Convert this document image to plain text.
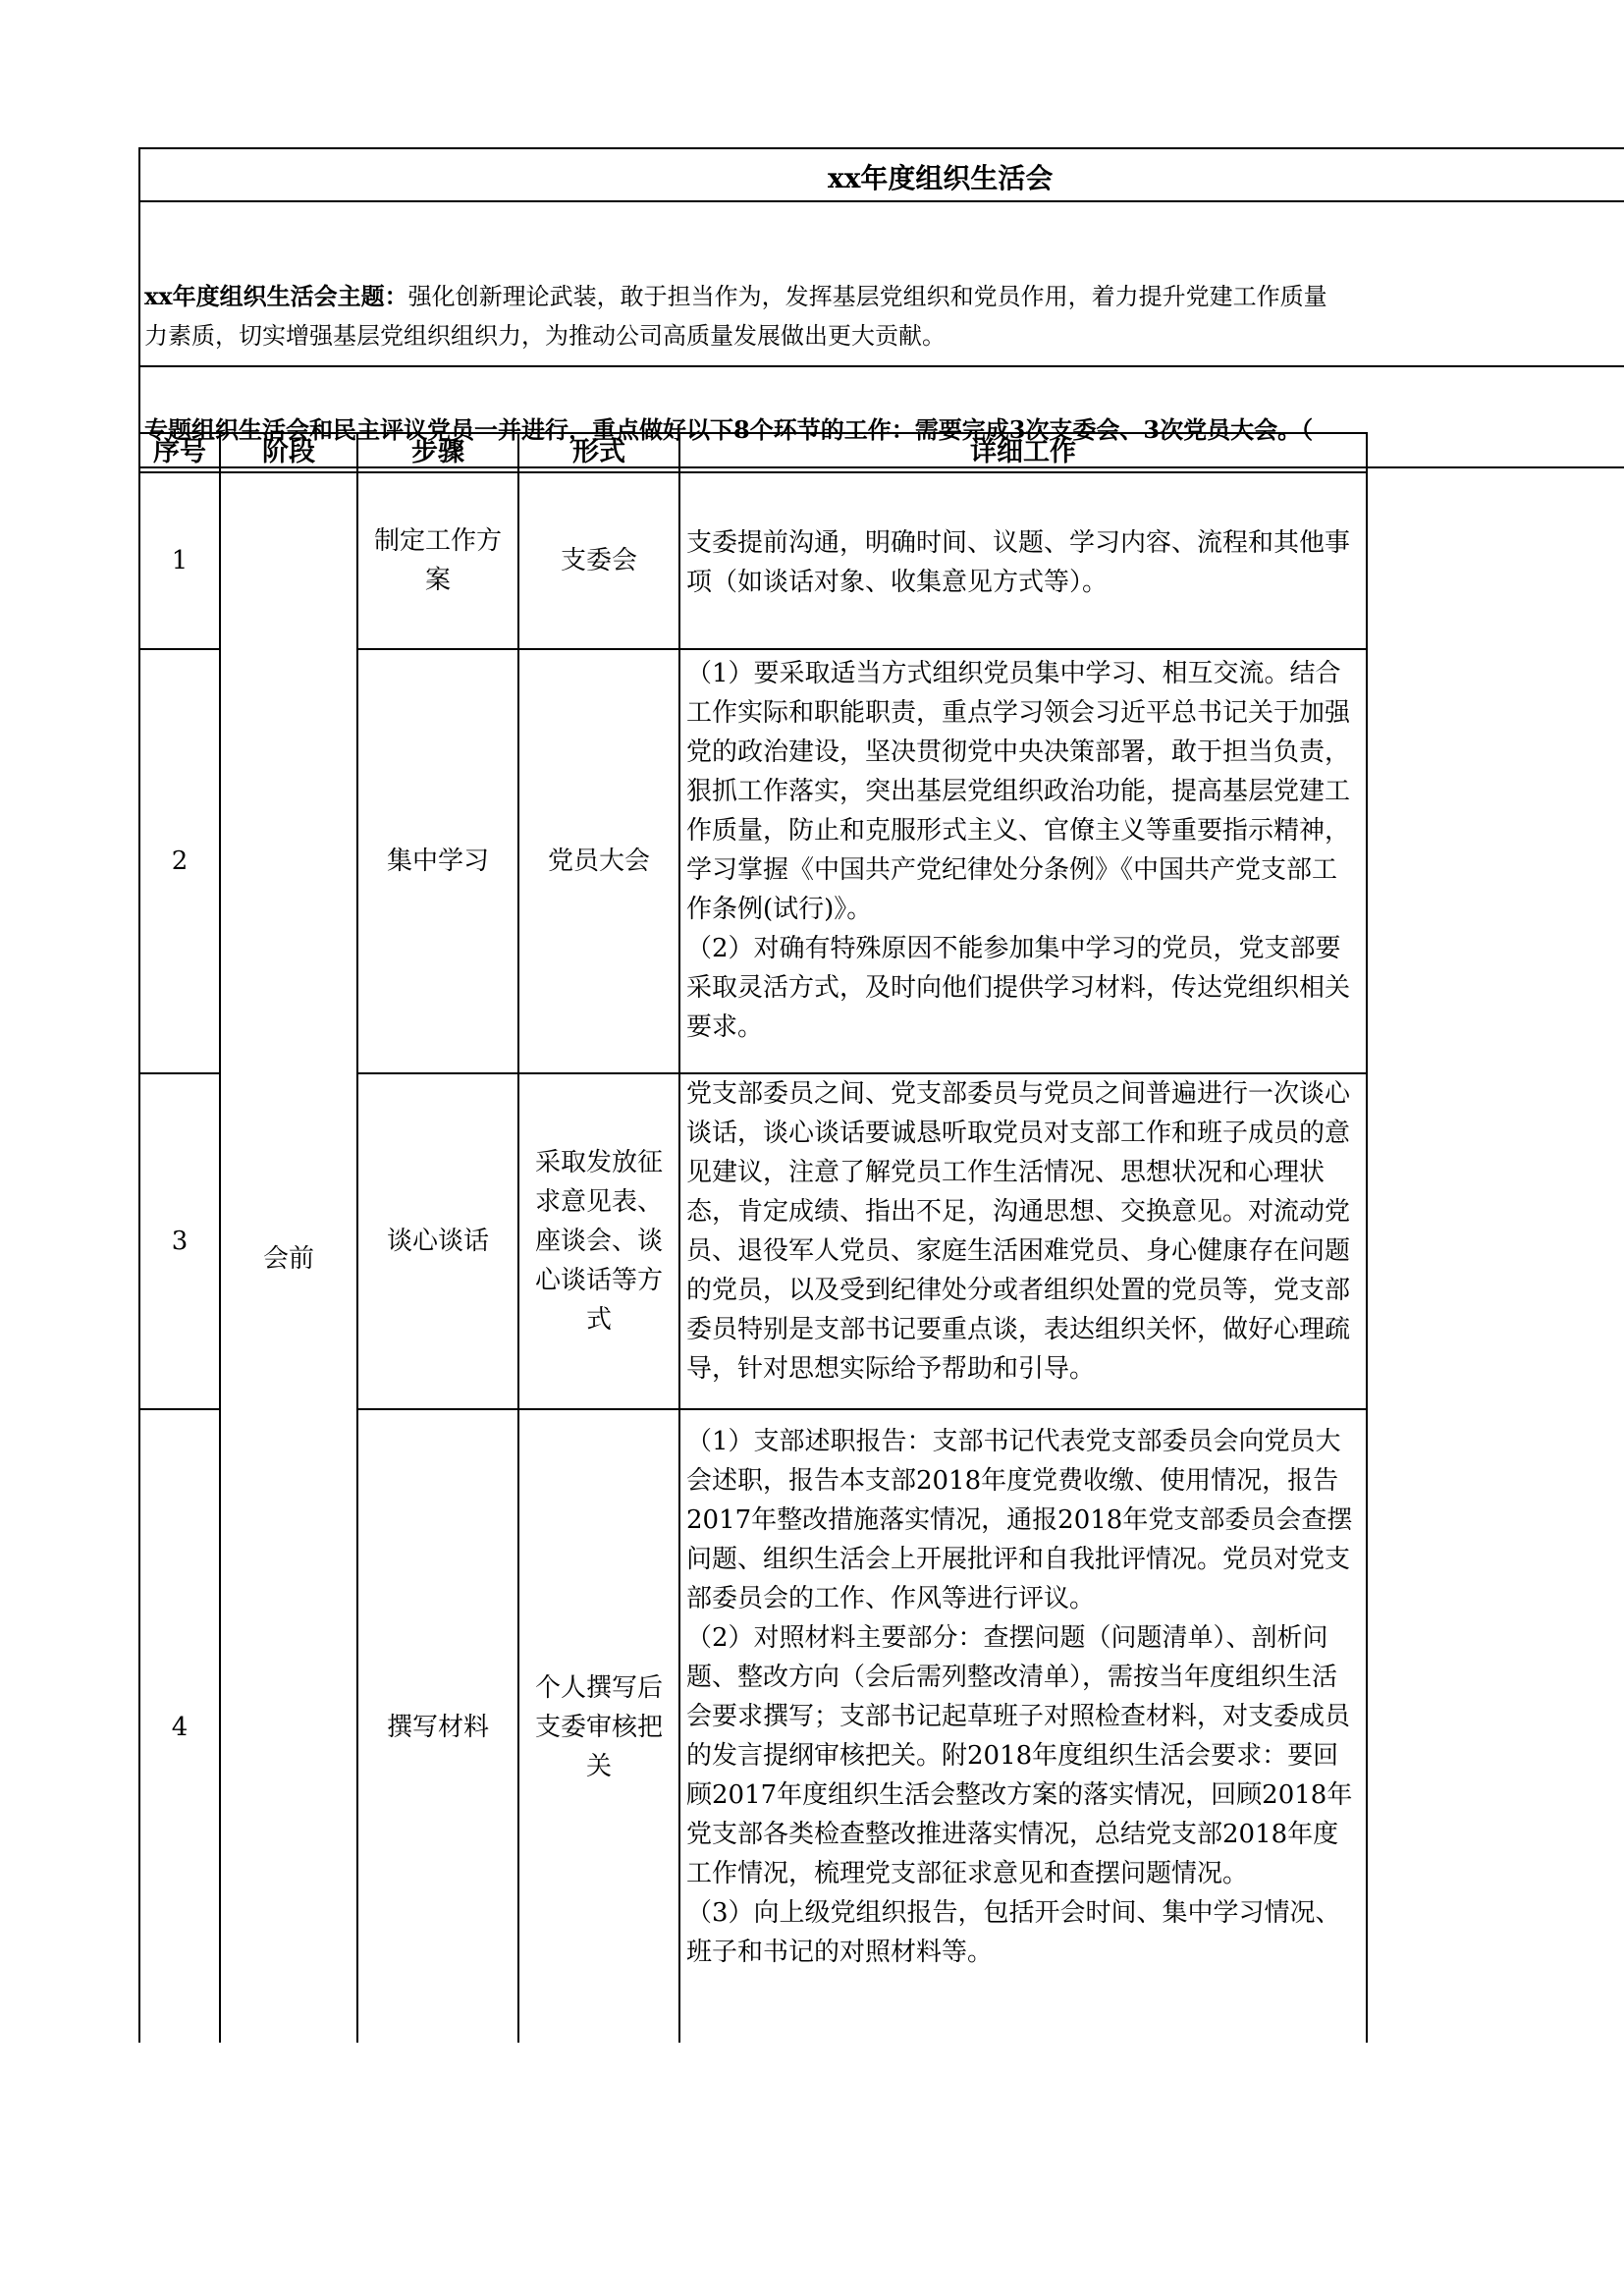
xx年度组织生活会
xx年度组织生活会主题：强化创新理论武装，敢于担当作为，发挥基层党组织和党员作用，着力提升党建工作质量
力素质，切实增强基层党组织组织力，为推动公司高质量发展做出更大贡献。
专题组织生活会和民主评议党员一并进行，重点做好以下8个环节的工作：需要完成3次支委会、3次党员大会。（
序号	阶段	步骤	形式	详细工作
1	会前	制定工作方案	支委会	支委提前沟通，明确时间、议题、学习内容、流程和其他事项（如谈话对象、收集意见方式等）。

2		集中学习	党员大会	（1）要采取适当方式组织党员集中学习、相互交流。结合工作实际和职能职责，重点学习领会习近平总书记关于加强党的政治建设，坚决贯彻党中央决策部署，敢于担当负责，狠抓工作落实，突出基层党组织政治功能，提高基层党建工作质量，防止和克服形式主义、官僚主义等重要指示精神，学习掌握《中国共产党纪律处分条例》《中国共产党支部工作条例(试行)》。

（2）对确有特殊原因不能参加集中学习的党员，党支部要采取灵活方式，及时向他们提供学习材料，传达党组织相关要求。

3		谈心谈话	采取发放征求意见表、座谈会、谈心谈话等方式	党支部委员之间、党支部委员与党员之间普遍进行一次谈心谈话，谈心谈话要诚恳听取党员对支部工作和班子成员的意见建议，注意了解党员工作生活情况、思想状况和心理状态，肯定成绩、指出不足，沟通思想、交换意见。对流动党员、退役军人党员、家庭生活困难党员、身心健康存在问题的党员，以及受到纪律处分或者组织处置的党员等，党支部委员特别是支部书记要重点谈，表达组织关怀，做好心理疏导，针对思想实际给予帮助和引导。

4		撰写材料	个人撰写后支委审核把关	（1）支部述职报告：支部书记代表党支部委员会向党员大会述职，报告本支部2018年度党费收缴、使用情况，报告2017年整改措施落实情况，通报2018年党支部委员会查摆问题、组织生活会上开展批评和自我批评情况。党员对党支部委员会的工作、作风等进行评议。

（2）对照材料主要部分：查摆问题（问题清单）、剖析问题、整改方向（会后需列整改清单），需按当年度组织生活会要求撰写；支部书记起草班子对照检查材料，对支委成员的发言提纲审核把关。附2018年度组织生活会要求：要回顾2017年度组织生活会整改方案的落实情况，回顾2018年党支部各类检查整改推进落实情况，总结党支部2018年度工作情况，梳理党支部征求意见和查摆问题情况。

（3）向上级党组织报告，包括开会时间、集中学习情况、班子和书记的对照材料等。
